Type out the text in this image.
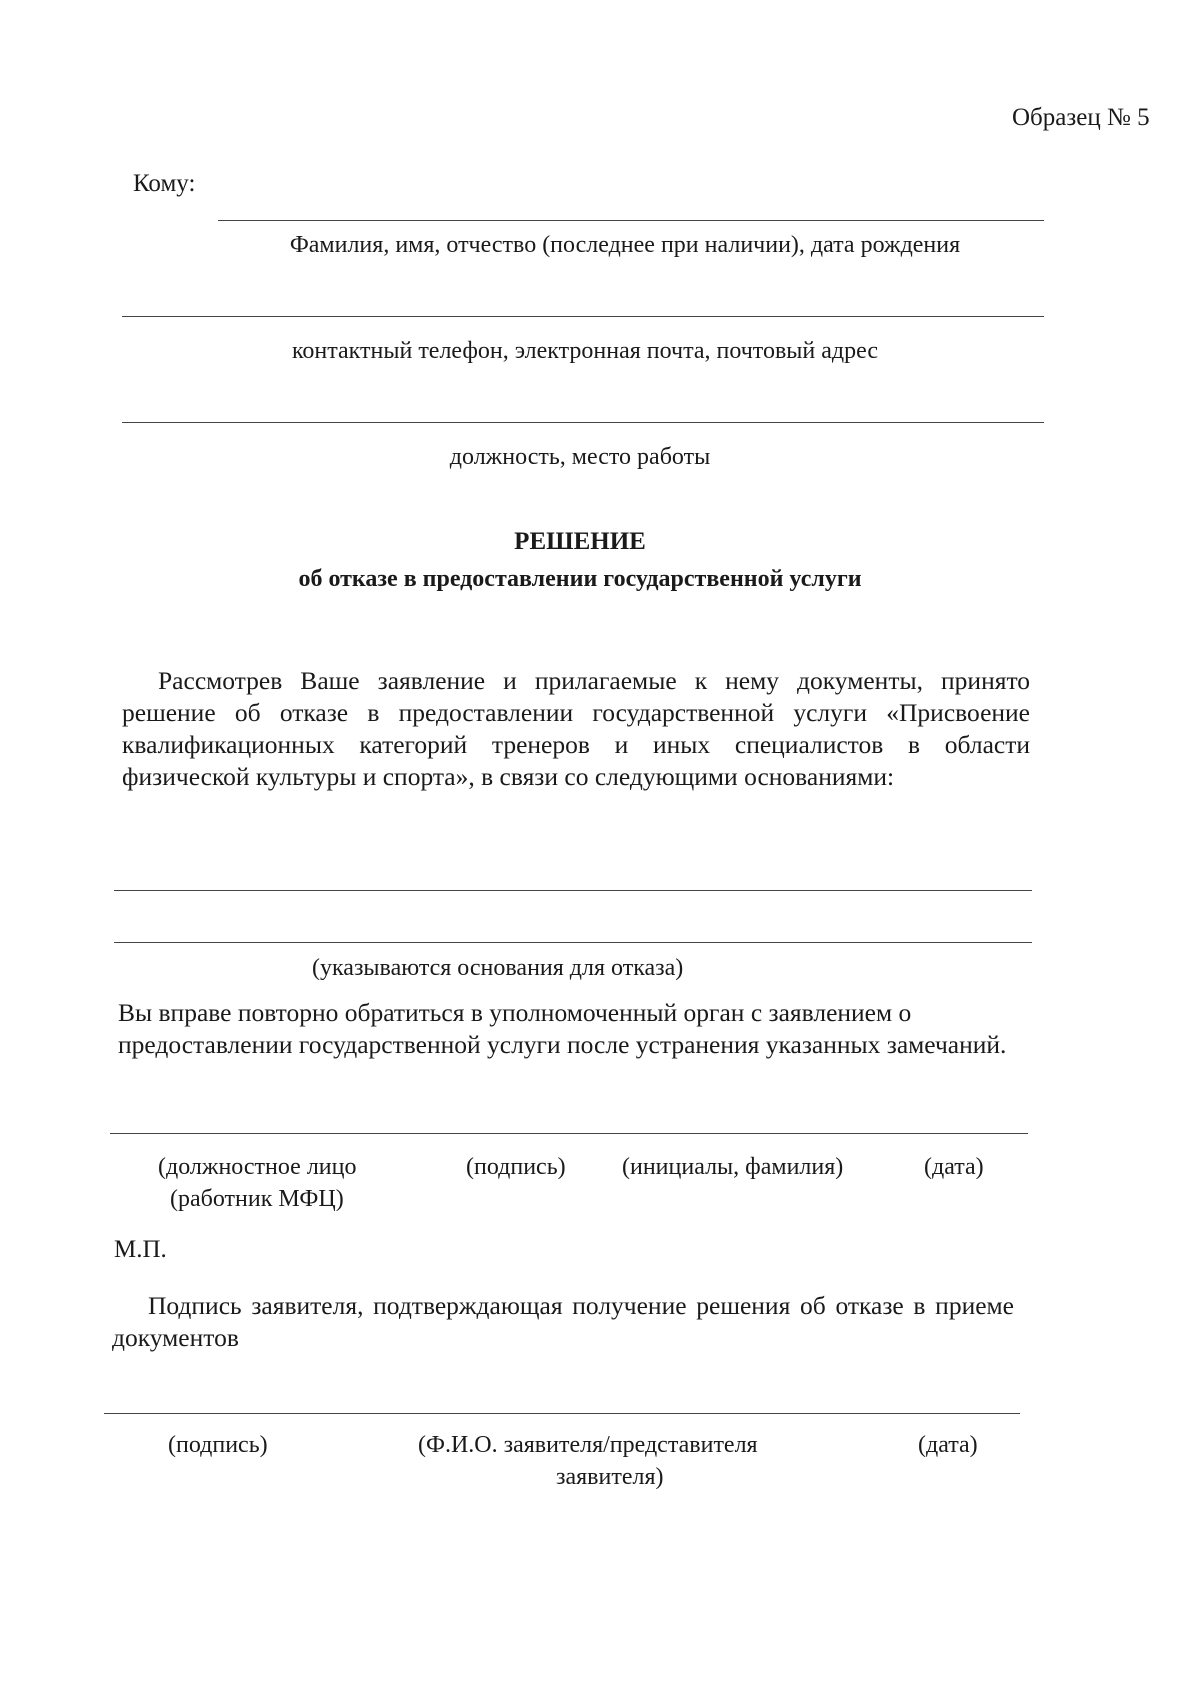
Образец № 5
Кому:
Фамилия, имя, отчество (последнее при наличии), дата рождения
контактный телефон, электронная почта, почтовый адрес
должность, место работы
РЕШЕНИЕ
об отказе в предоставлении государственной услуги

Рассмотрев Ваше заявление и прилагаемые к нему документы, принято решение об отказе в предоставлении государственной услуги «Присвоение квалификационных категорий тренеров и иных специалистов в области физической культуры и спорта», в связи со следующими основаниями:

(указываются основания для отказа)

Вы вправе повторно обратиться в уполномоченный орган с заявлением о предоставлении государственной услуги после устранения указанных замечаний.

(должностное лицо
(работник МФЦ)
(подпись) (инициалы, фамилия)	(дата)
М.П.

Подпись заявителя, подтверждающая получение решения об отказе в приеме документов

(подпись)	(Ф.И.О. заявителя/представителя
заявителя)
(дата)
